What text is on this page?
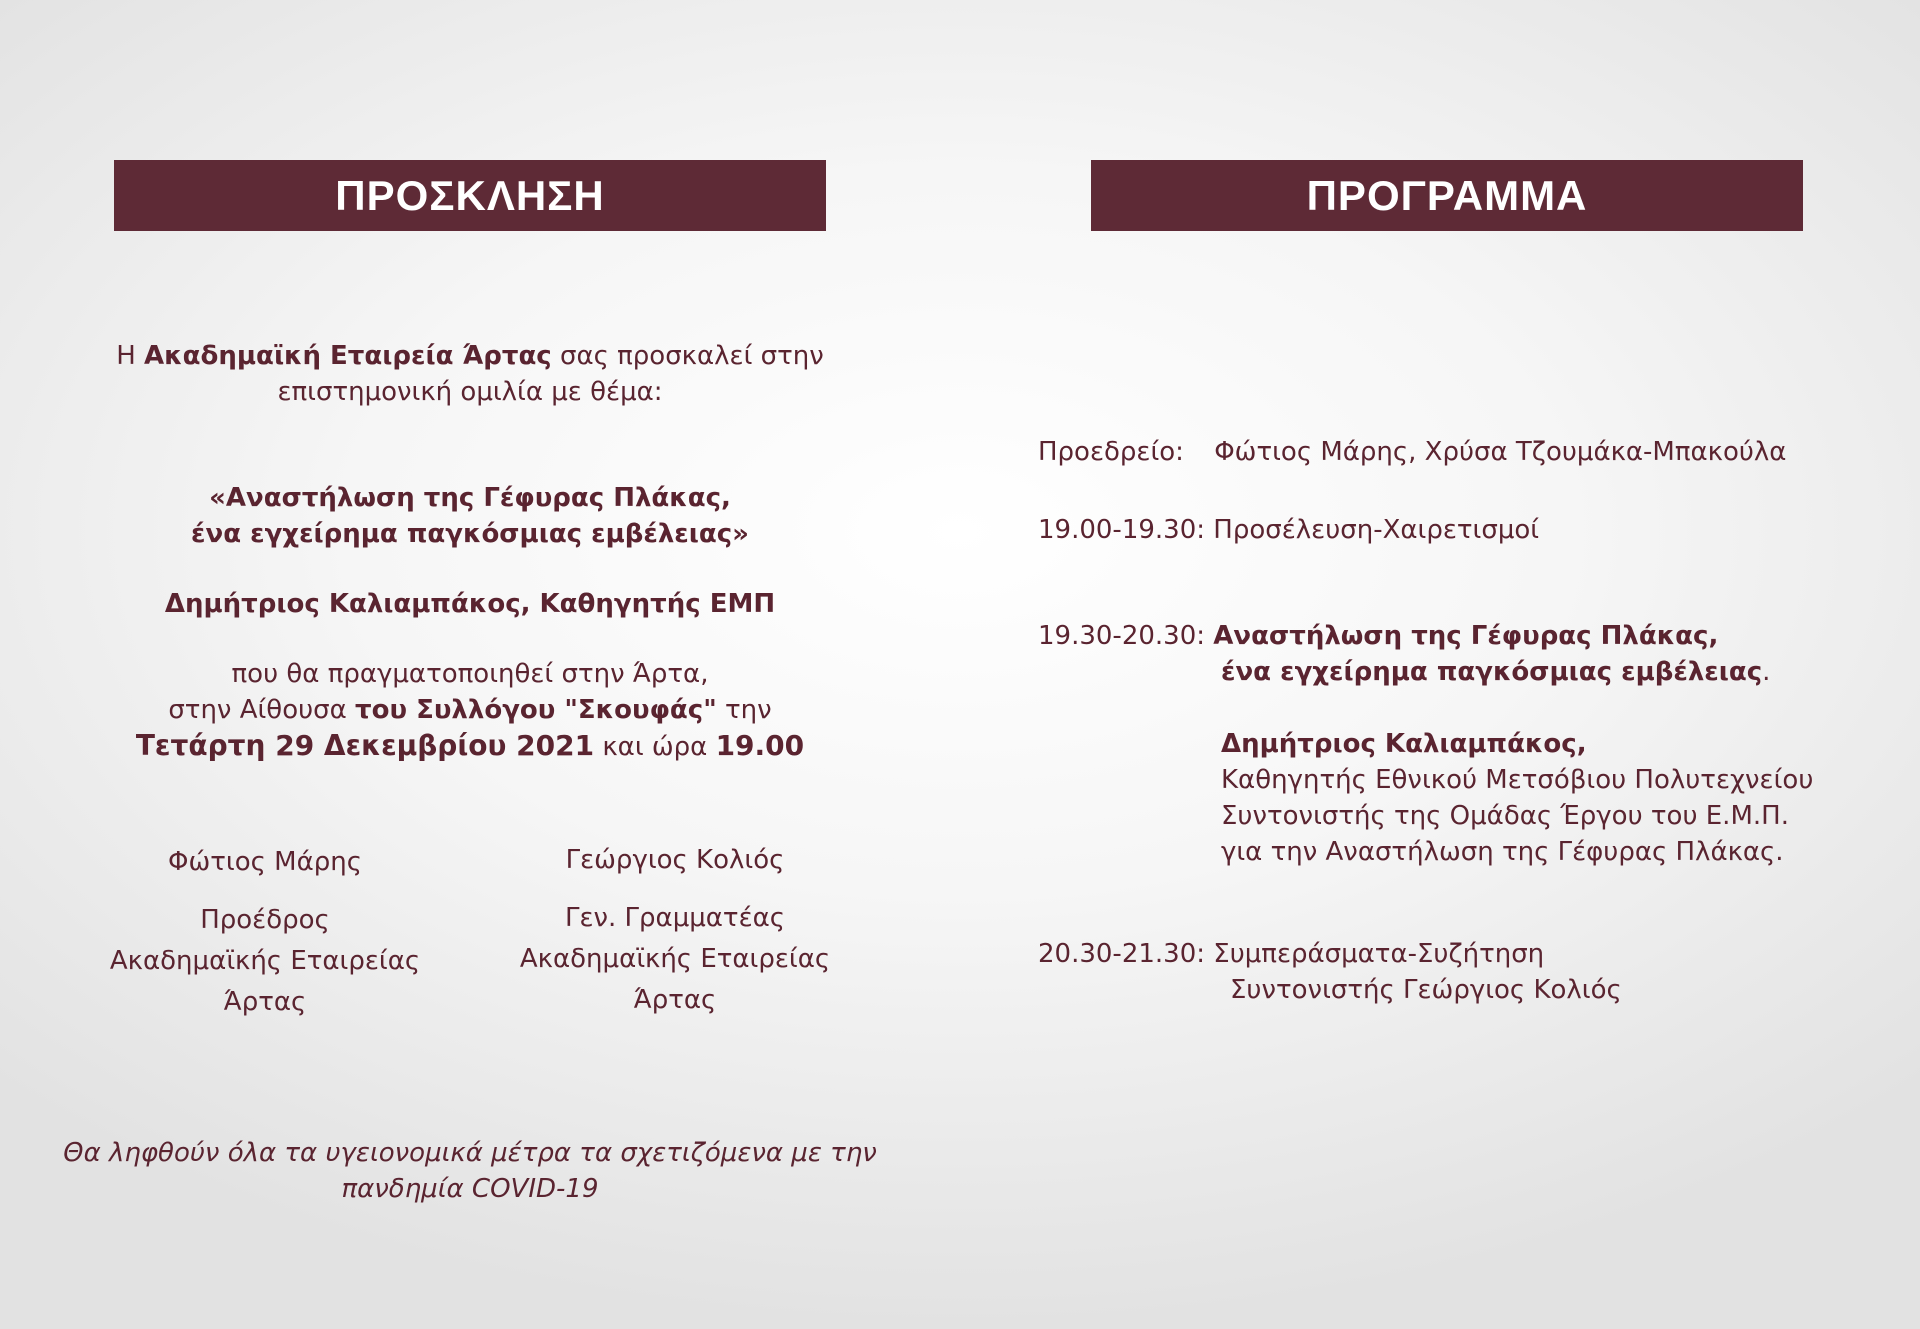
ΠΡΟΣΚΛΗΣΗ
Η Ακαδημαϊκή Εταιρεία Άρτας σας προσκαλεί στην
επιστημονική ομιλία με θέμα:
«Αναστήλωση της Γέφυρας Πλάκας,
ένα εγχείρημα παγκόσμιας εμβέλειας»
Δημήτριος Καλιαμπάκος, Καθηγητής ΕΜΠ
που θα πραγματοποιηθεί στην Άρτα,
στην Αίθουσα του Συλλόγου "Σκουφάς" την
Τετάρτη 29 Δεκεμβρίου 2021 και ώρα 19.00
Φώτιος Μάρης
Προέδρος
Ακαδημαϊκής Εταιρείας
Άρτας
Γεώργιος Κολιός
Γεν. Γραμματέας
Ακαδημαϊκής Εταιρείας
Άρτας
Θα ληφθούν όλα τα υγειονομικά μέτρα τα σχετιζόμενα με την
πανδημία COVID-19
ΠΡΟΓΡΑΜΜΑ
Προεδρείο: Φώτιος Μάρης, Χρύσα Τζουμάκα-Μπακούλα
19.00-19.30: Προσέλευση-Χαιρετισμοί
19.30-20.30: Αναστήλωση της Γέφυρας Πλάκας,
ένα εγχείρημα παγκόσμιας εμβέλειας.
Δημήτριος Καλιαμπάκος,
Καθηγητής Εθνικού Μετσόβιου Πολυτεχνείου
Συντονιστής της Ομάδας Έργου του Ε.Μ.Π.
για την Αναστήλωση της Γέφυρας Πλάκας.
20.30-21.30: Συμπεράσματα-Συζήτηση
Συντονιστής Γεώργιος Κολιός
